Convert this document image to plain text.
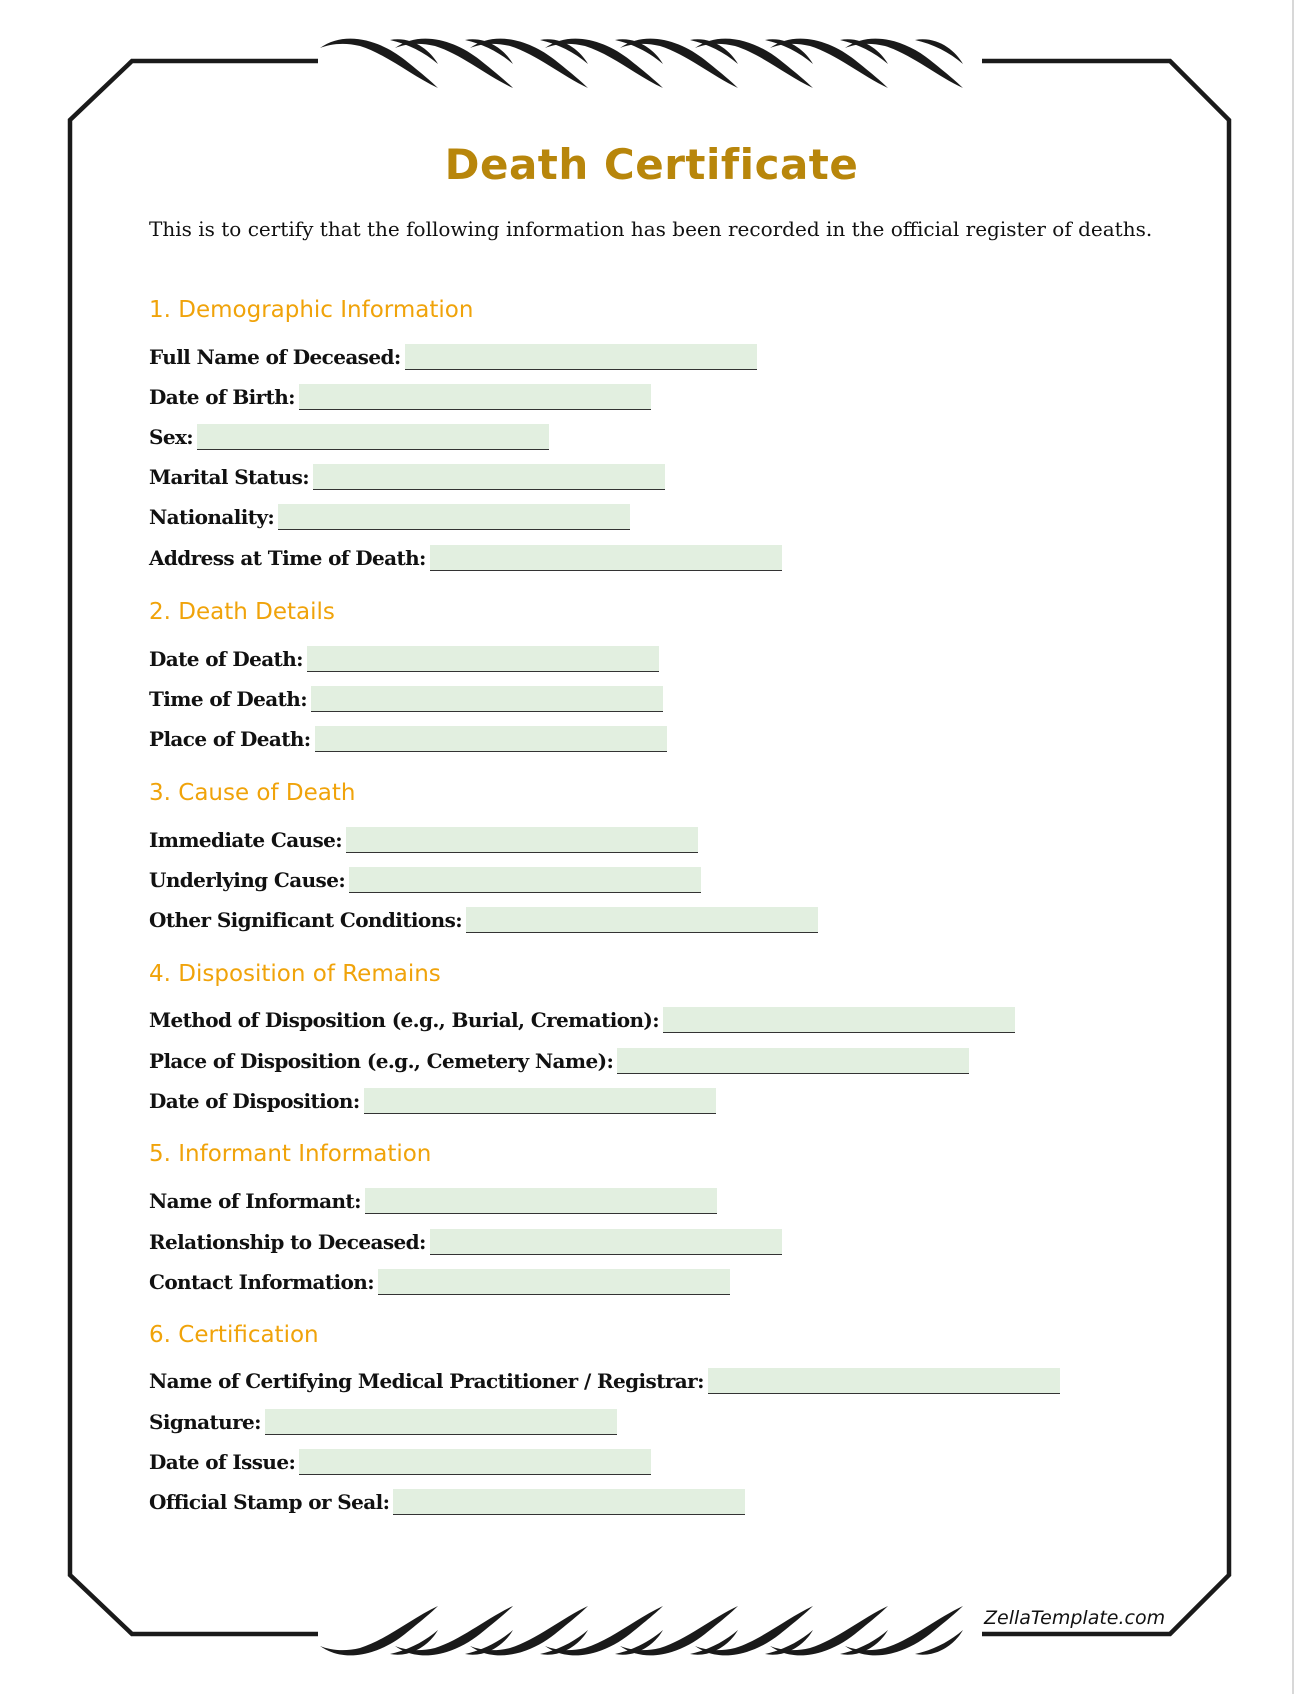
Death Certificate
This is to certify that the following information has been recorded in the official register of deaths.
1. Demographic Information
Full Name of Deceased:
Date of Birth:
Sex:
Marital Status:
Nationality:
Address at Time of Death:
2. Death Details
Date of Death:
Time of Death:
Place of Death:
3. Cause of Death
Immediate Cause:
Underlying Cause:
Other Significant Conditions:
4. Disposition of Remains
Method of Disposition (e.g., Burial, Cremation):
Place of Disposition (e.g., Cemetery Name):
Date of Disposition:
5. Informant Information
Name of Informant:
Relationship to Deceased:
Contact Information:
6. Certification
Name of Certifying Medical Practitioner / Registrar:
Signature:
Date of Issue:
Official Stamp or Seal:
ZellaTemplate.com
